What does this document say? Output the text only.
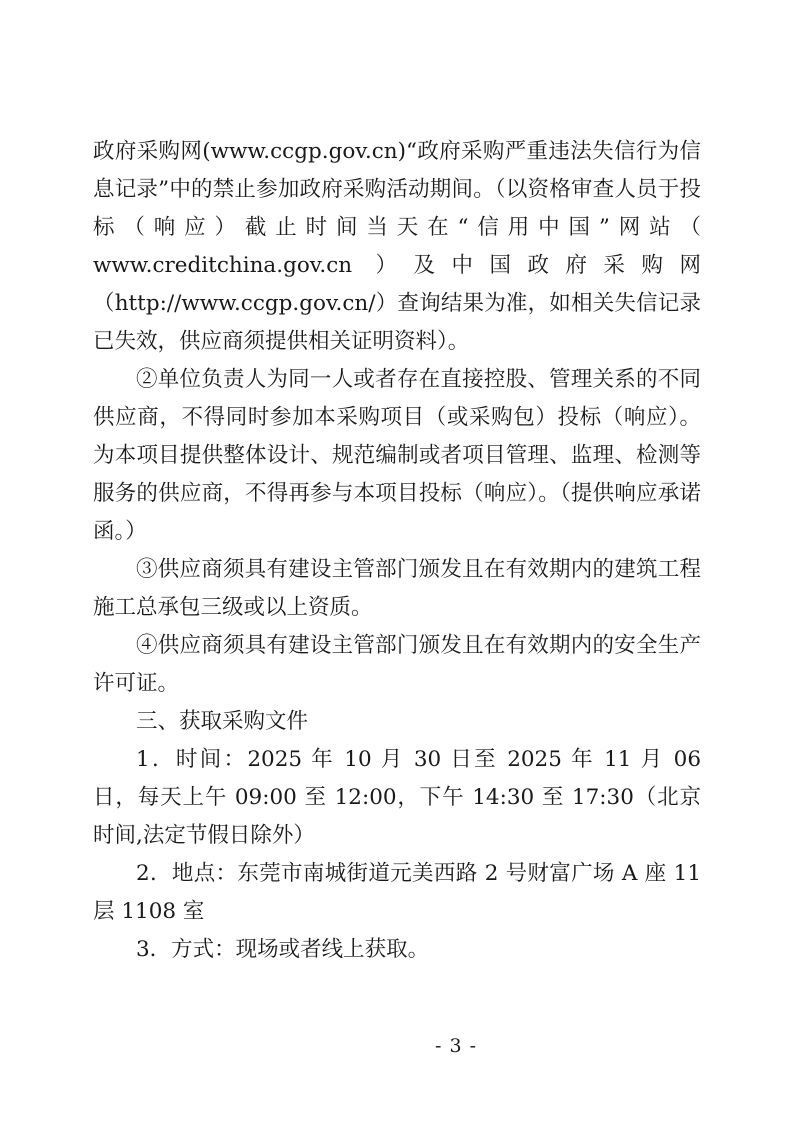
政府采购网(www.ccgp.gov.cn)“政府采购严重违法失信行为信息记录”中的禁止参加政府采购活动期间。（以资格审查人员于投标（响应）截止时间当天在“信用中国”网站（ www.creditchina.gov.cn ）及中国政府采购网（http://www.ccgp.gov.cn/）查询结果为准，如相关失信记录已失效，供应商须提供相关证明资料）。

②单位负责人为同一人或者存在直接控股、管理关系的不同供应商，不得同时参加本采购项目（或采购包）投标（响应）。为本项目提供整体设计、规范编制或者项目管理、监理、检测等服务的供应商，不得再参与本项目投标（响应）。（提供响应承诺函。）

③供应商须具有建设主管部门颁发且在有效期内的建筑工程施工总承包三级或以上资质。

④供应商须具有建设主管部门颁发且在有效期内的安全生产许可证。

三、获取采购文件

1．时间：2025 年 10 月 30 日至 2025 年 11 月 06 日，每天上午 09:00 至 12:00，下午 14:30 至 17:30（北京时间,法定节假日除外）

2．地点：东莞市南城街道元美西路 2 号财富广场 A 座 11 层 1108 室

3．方式：现场或者线上获取。

- 3 -
